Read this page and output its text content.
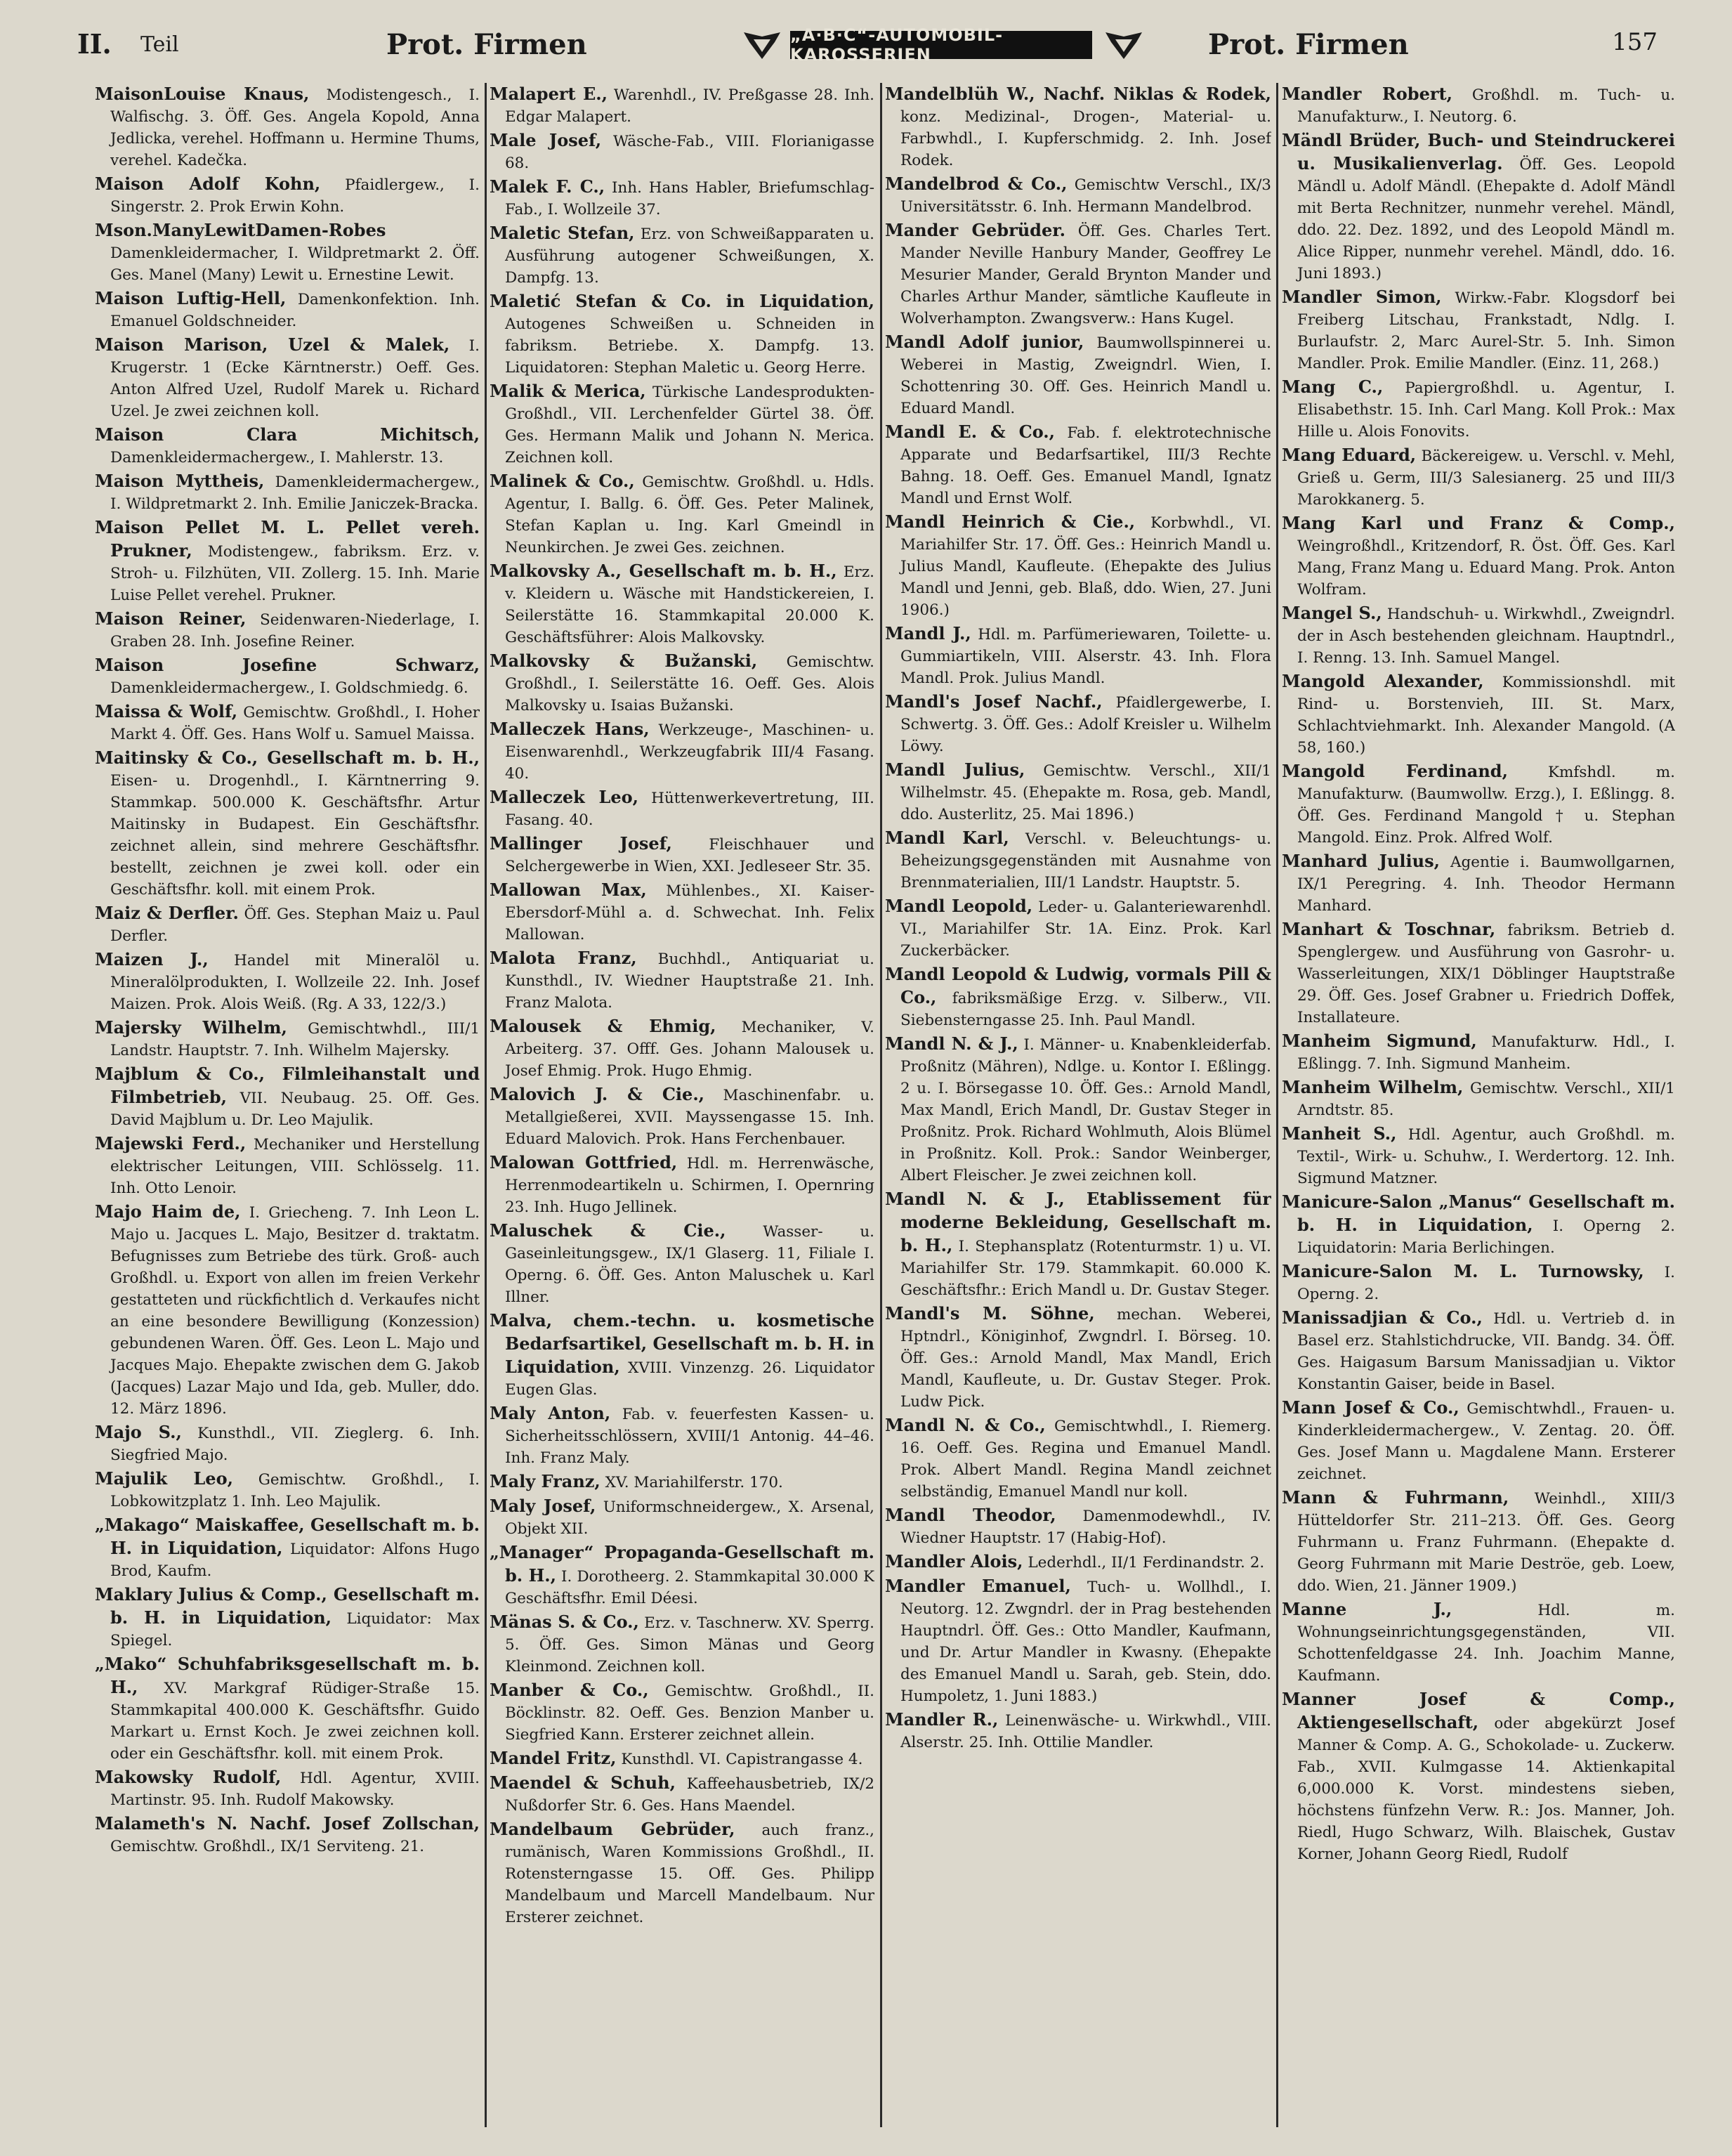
II. Teil	Prot. Firmen	„A·B·C“-AUTOMOBIL-KAROSSERIEN	Prot. Firmen	157

MaisonLouise Knaus, Modistengesch., I. Walfischg. 3. Öff. Ges. Angela Kopold, Anna Jedlicka, verehel. Hoffmann u. Hermine Thums, verehel. Kadečka.

Maison Adolf Kohn, Pfaidlergew., I. Singerstr. 2. Prok Erwin Kohn.

Mson.ManyLewitDamen-Robes Damenkleidermacher, I. Wildpretmarkt 2. Öff. Ges. Manel (Many) Lewit u. Ernestine Lewit.

Maison Luftig-Hell, Damenkonfektion. Inh. Emanuel Goldschneider.

Maison Marison, Uzel & Malek, I. Krugerstr. 1 (Ecke Kärntnerstr.) Oeff. Ges. Anton Alfred Uzel, Rudolf Marek u. Richard Uzel. Je zwei zeichnen koll.

Maison Clara Michitsch, Damenkleidermachergew., I. Mahlerstr. 13.

Maison Myttheis, Damenkleidermachergew., I. Wildpretmarkt 2. Inh. Emilie Janiczek-Bracka.

Maison Pellet M. L. Pellet vereh. Prukner, Modistengew., fabriksm. Erz. v. Stroh- u. Filzhüten, VII. Zollerg. 15. Inh. Marie Luise Pellet verehel. Prukner.

Maison Reiner, Seidenwaren-Niederlage, I. Graben 28. Inh. Josefine Reiner.

Maison Josefine Schwarz, Damenkleidermachergew., I. Goldschmiedg. 6.

Maissa & Wolf, Gemischtw. Großhdl., I. Hoher Markt 4. Öff. Ges. Hans Wolf u. Samuel Maissa.

Maitinsky & Co., Gesellschaft m. b. H., Eisen- u. Drogenhdl., I. Kärntnerring 9. Stammkap. 500.000 K. Geschäftsfhr. Artur Maitinsky in Budapest. Ein Geschäftsfhr. zeichnet allein, sind mehrere Geschäftsfhr. bestellt, zeichnen je zwei koll. oder ein Geschäftsfhr. koll. mit einem Prok.

Maiz & Derfler. Öff. Ges. Stephan Maiz u. Paul Derfler.

Maizen J., Handel mit Mineralöl u. Mineralölprodukten, I. Wollzeile 22. Inh. Josef Maizen. Prok. Alois Weiß. (Rg. A 33, 122/3.)

Majersky Wilhelm, Gemischtwhdl., III/1 Landstr. Hauptstr. 7. Inh. Wilhelm Majersky.

Majblum & Co., Filmleihanstalt und Filmbetrieb, VII. Neubaug. 25. Off. Ges. David Majblum u. Dr. Leo Majulik.

Majewski Ferd., Mechaniker und Herstellung elektrischer Leitungen, VIII. Schlösselg. 11. Inh. Otto Lenoir.

Majo Haim de, I. Griecheng. 7. Inh Leon L. Majo u. Jacques L. Majo, Besitzer d. traktatm. Befugnisses zum Betriebe des türk. Groß- auch Großhdl. u. Export von allen im freien Verkehr gestatteten und rückfichtlich d. Verkaufes nicht an eine besondere Bewilligung (Konzession) gebundenen Waren. Öff. Ges. Leon L. Majo und Jacques Majo. Ehepakte zwischen dem G. Jakob (Jacques) Lazar Majo und Ida, geb. Muller, ddo. 12. März 1896.

Majo S., Kunsthdl., VII. Zieglerg. 6. Inh. Siegfried Majo.

Majulik Leo, Gemischtw. Großhdl., I. Lobkowitzplatz 1. Inh. Leo Majulik.

„Makago“ Maiskaffee, Gesellschaft m. b. H. in Liquidation, Liquidator: Alfons Hugo Brod, Kaufm.

Maklary Julius & Comp., Gesellschaft m. b. H. in Liquidation, Liquidator: Max Spiegel.

„Mako“ Schuhfabriksgesellschaft m. b. H., XV. Markgraf Rüdiger-Straße 15. Stammkapital 400.000 K. Geschäftsfhr. Guido Markart u. Ernst Koch. Je zwei zeichnen koll. oder ein Geschäftsfhr. koll. mit einem Prok.

Makowsky Rudolf, Hdl. Agentur, XVIII. Martinstr. 95. Inh. Rudolf Makowsky.

Malameth's N. Nachf. Josef Zollschan, Gemischtw. Großhdl., IX/1 Serviteng. 21.

Malapert E., Warenhdl., IV. Preßgasse 28. Inh. Edgar Malapert.

Male Josef, Wäsche-Fab., VIII. Florianigasse 68.

Malek F. C., Inh. Hans Habler, Briefumschlag-Fab., I. Wollzeile 37.

Maletic Stefan, Erz. von Schweißapparaten u. Ausführung autogener Schweißungen, X. Dampfg. 13.

Maletić Stefan & Co. in Liquidation, Autogenes Schweißen u. Schneiden in fabriksm. Betriebe. X. Dampfg. 13. Liquidatoren: Stephan Maletic u. Georg Herre.

Malik & Merica, Türkische Landesprodukten-Großhdl., VII. Lerchenfelder Gürtel 38. Öff. Ges. Hermann Malik und Johann N. Merica. Zeichnen koll.

Malinek & Co., Gemischtw. Großhdl. u. Hdls. Agentur, I. Ballg. 6. Öff. Ges. Peter Malinek, Stefan Kaplan u. Ing. Karl Gmeindl in Neunkirchen. Je zwei Ges. zeichnen.

Malkovsky A., Gesellschaft m. b. H., Erz. v. Kleidern u. Wäsche mit Handstickereien, I. Seilerstätte 16. Stammkapital 20.000 K. Geschäftsführer: Alois Malkovsky.

Malkovsky & Bužanski, Gemischtw. Großhdl., I. Seilerstätte 16. Oeff. Ges. Alois Malkovsky u. Isaias Bužanski.

Malleczek Hans, Werkzeuge-, Maschinen- u. Eisenwarenhdl., Werkzeugfabrik III/4 Fasang. 40.

Malleczek Leo, Hüttenwerkevertretung, III. Fasang. 40.

Mallinger Josef, Fleischhauer und Selchergewerbe in Wien, XXI. Jedleseer Str. 35.

Mallowan Max, Mühlenbes., XI. Kaiser-Ebersdorf-Mühl a. d. Schwechat. Inh. Felix Mallowan.

Malota Franz, Buchhdl., Antiquariat u. Kunsthdl., IV. Wiedner Hauptstraße 21. Inh. Franz Malota.

Malousek & Ehmig, Mechaniker, V. Arbeiterg. 37. Offf. Ges. Johann Malousek u. Josef Ehmig. Prok. Hugo Ehmig.

Malovich J. & Cie., Maschinenfabr. u. Metallgießerei, XVII. Mayssengasse 15. Inh. Eduard Malovich. Prok. Hans Ferchenbauer.

Malowan Gottfried, Hdl. m. Herrenwäsche, Herrenmodeartikeln u. Schirmen, I. Opernring 23. Inh. Hugo Jellinek.

Maluschek & Cie., Wasser- u. Gaseinleitungsgew., IX/1 Glaserg. 11, Filiale I. Operng. 6. Öff. Ges. Anton Maluschek u. Karl Illner.

Malva, chem.-techn. u. kosmetische Bedarfsartikel, Gesellschaft m. b. H. in Liquidation, XVIII. Vinzenzg. 26. Liquidator Eugen Glas.

Maly Anton, Fab. v. feuerfesten Kassen- u. Sicherheitsschlössern, XVIII/1 Antonig. 44–46. Inh. Franz Maly.

Maly Franz, XV. Mariahilferstr. 170.

Maly Josef, Uniformschneidergew., X. Arsenal, Objekt XII.

„Manager“ Propaganda-Gesellschaft m. b. H., I. Dorotheerg. 2. Stammkapital 30.000 K Geschäftsfhr. Emil Déesi.

Mänas S. & Co., Erz. v. Taschnerw. XV. Sperrg. 5. Öff. Ges. Simon Mänas und Georg Kleinmond. Zeichnen koll.

Manber & Co., Gemischtw. Großhdl., II. Böcklinstr. 82. Oeff. Ges. Benzion Manber u. Siegfried Kann. Ersterer zeichnet allein.

Mandel Fritz, Kunsthdl. VI. Capistrangasse 4.

Maendel & Schuh, Kaffeehausbetrieb, IX/2 Nußdorfer Str. 6. Ges. Hans Maendel.

Mandelbaum Gebrüder, auch franz., rumänisch, Waren Kommissions Großhdl., II. Rotensterngasse 15. Off. Ges. Philipp Mandelbaum und Marcell Mandelbaum. Nur Ersterer zeichnet.

Mandelblüh W., Nachf. Niklas & Rodek, konz. Medizinal-, Drogen-, Material- u. Farbwhdl., I. Kupferschmidg. 2. Inh. Josef Rodek.

Mandelbrod & Co., Gemischtw Verschl., IX/3 Universitätsstr. 6. Inh. Hermann Mandelbrod.

Mander Gebrüder. Öff. Ges. Charles Tert. Mander Neville Hanbury Mander, Geoffrey Le Mesurier Mander, Gerald Brynton Mander und Charles Arthur Mander, sämtliche Kaufleute in Wolverhampton. Zwangsverw.: Hans Kugel.

Mandl Adolf junior, Baumwollspinnerei u. Weberei in Mastig, Zweigndrl. Wien, I. Schottenring 30. Off. Ges. Heinrich Mandl u. Eduard Mandl.

Mandl E. & Co., Fab. f. elektrotechnische Apparate und Bedarfsartikel, III/3 Rechte Bahng. 18. Oeff. Ges. Emanuel Mandl, Ignatz Mandl und Ernst Wolf.

Mandl Heinrich & Cie., Korbwhdl., VI. Mariahilfer Str. 17. Öff. Ges.: Heinrich Mandl u. Julius Mandl, Kaufleute. (Ehepakte des Julius Mandl und Jenni, geb. Blaß, ddo. Wien, 27. Juni 1906.)

Mandl J., Hdl. m. Parfümeriewaren, Toilette- u. Gummiartikeln, VIII. Alserstr. 43. Inh. Flora Mandl. Prok. Julius Mandl.

Mandl's Josef Nachf., Pfaidlergewerbe, I. Schwertg. 3. Öff. Ges.: Adolf Kreisler u. Wilhelm Löwy.

Mandl Julius, Gemischtw. Verschl., XII/1 Wilhelmstr. 45. (Ehepakte m. Rosa, geb. Mandl, ddo. Austerlitz, 25. Mai 1896.)

Mandl Karl, Verschl. v. Beleuchtungs- u. Beheizungsgegenständen mit Ausnahme von Brennmaterialien, III/1 Landstr. Hauptstr. 5.

Mandl Leopold, Leder- u. Galanteriewarenhdl. VI., Mariahilfer Str. 1A. Einz. Prok. Karl Zuckerbäcker.

Mandl Leopold & Ludwig, vormals Pill & Co., fabriksmäßige Erzg. v. Silberw., VII. Siebensterngasse 25. Inh. Paul Mandl.

Mandl N. & J., I. Männer- u. Knabenkleiderfab. Proßnitz (Mähren), Ndlge. u. Kontor I. Eßlingg. 2 u. I. Börsegasse 10. Öff. Ges.: Arnold Mandl, Max Mandl, Erich Mandl, Dr. Gustav Steger in Proßnitz. Prok. Richard Wohlmuth, Alois Blümel in Proßnitz. Koll. Prok.: Sandor Weinberger, Albert Fleischer. Je zwei zeichnen koll.

Mandl N. & J., Etablissement für moderne Bekleidung, Gesellschaft m. b. H., I. Stephansplatz (Rotenturmstr. 1) u. VI. Mariahilfer Str. 179. Stammkapit. 60.000 K. Geschäftsfhr.: Erich Mandl u. Dr. Gustav Steger.

Mandl's M. Söhne, mechan. Weberei, Hptndrl., Königinhof, Zwgndrl. I. Börseg. 10. Öff. Ges.: Arnold Mandl, Max Mandl, Erich Mandl, Kaufleute, u. Dr. Gustav Steger. Prok. Ludw Pick.

Mandl N. & Co., Gemischtwhdl., I. Riemerg. 16. Oeff. Ges. Regina und Emanuel Mandl. Prok. Albert Mandl. Regina Mandl zeichnet selbständig, Emanuel Mandl nur koll.

Mandl Theodor, Damenmodewhdl., IV. Wiedner Hauptstr. 17 (Habig-Hof).

Mandler Alois, Lederhdl., II/1 Ferdinandstr. 2.

Mandler Emanuel, Tuch- u. Wollhdl., I. Neutorg. 12. Zwgndrl. der in Prag bestehenden Hauptndrl. Öff. Ges.: Otto Mandler, Kaufmann, und Dr. Artur Mandler in Kwasny. (Ehepakte des Emanuel Mandl u. Sarah, geb. Stein, ddo. Humpoletz, 1. Juni 1883.)

Mandler R., Leinenwäsche- u. Wirkwhdl., VIII. Alserstr. 25. Inh. Ottilie Mandler.

Mandler Robert, Großhdl. m. Tuch- u. Manufakturw., I. Neutorg. 6.

Mändl Brüder, Buch- und Steindruckerei u. Musikalienverlag. Öff. Ges. Leopold Mändl u. Adolf Mändl. (Ehepakte d. Adolf Mändl mit Berta Rechnitzer, nunmehr verehel. Mändl, ddo. 22. Dez. 1892, und des Leopold Mändl m. Alice Ripper, nunmehr verehel. Mändl, ddo. 16. Juni 1893.)

Mandler Simon, Wirkw.-Fabr. Klogsdorf bei Freiberg Litschau, Frankstadt, Ndlg. I. Burlaufstr. 2, Marc Aurel-Str. 5. Inh. Simon Mandler. Prok. Emilie Mandler. (Einz. 11, 268.)

Mang C., Papiergroßhdl. u. Agentur, I. Elisabethstr. 15. Inh. Carl Mang. Koll Prok.: Max Hille u. Alois Fonovits.

Mang Eduard, Bäckereigew. u. Verschl. v. Mehl, Grieß u. Germ, III/3 Salesianerg. 25 und III/3 Marokkanerg. 5.

Mang Karl und Franz & Comp., Weingroßhdl., Kritzendorf, R. Öst. Öff. Ges. Karl Mang, Franz Mang u. Eduard Mang. Prok. Anton Wolfram.

Mangel S., Handschuh- u. Wirkwhdl., Zweigndrl. der in Asch bestehenden gleichnam. Hauptndrl., I. Renng. 13. Inh. Samuel Mangel.

Mangold Alexander, Kommissionshdl. mit Rind- u. Borstenvieh, III. St. Marx, Schlachtviehmarkt. Inh. Alexander Mangold. (A 58, 160.)

Mangold Ferdinand,	Kmfshdl. m. Manufakturw. (Baumwollw. Erzg.), I. Eßlingg. 8. Öff. Ges. Ferdinand Mangold † u. Stephan Mangold. Einz. Prok. Alfred Wolf.

Manhard Julius, Agentie i. Baumwollgarnen, IX/1 Peregring. 4. Inh. Theodor Hermann Manhard.

Manhart & Toschnar, fabriksm. Betrieb d. Spenglergew. und Ausführung von Gasrohr- u. Wasserleitungen, XIX/1 Döblinger Hauptstraße 29. Öff. Ges. Josef Grabner u. Friedrich Doffek, Installateure.

Manheim Sigmund, Manufakturw. Hdl., I. Eßlingg. 7. Inh. Sigmund Manheim.

Manheim Wilhelm, Gemischtw. Verschl., XII/1 Arndtstr. 85.

Manheit S., Hdl. Agentur, auch Großhdl. m. Textil-, Wirk- u. Schuhw., I. Werdertorg. 12. Inh. Sigmund Matzner.

Manicure-Salon „Manus“ Gesellschaft m. b. H. in Liquidation, I. Operng 2. Liquidatorin: Maria Berlichingen.

Manicure-Salon M. L. Turnowsky, I. Operng. 2.

Manissadjian & Co., Hdl. u. Vertrieb d. in Basel erz. Stahlstichdrucke, VII. Bandg. 34. Öff. Ges. Haigasum Barsum Manissadjian u. Viktor Konstantin Gaiser, beide in Basel.

Mann Josef & Co., Gemischtwhdl., Frauen- u. Kinderkleidermachergew., V. Zentag. 20. Öff. Ges. Josef Mann u. Magdalene Mann. Ersterer zeichnet.

Mann & Fuhrmann, Weinhdl., XIII/3 Hütteldorfer Str. 211–213. Öff. Ges. Georg Fuhrmann u. Franz Fuhrmann. (Ehepakte d. Georg Fuhrmann mit Marie Deströe, geb. Loew, ddo. Wien, 21. Jänner 1909.)

Manne J.,	Hdl. m. Wohnungseinrichtungsgegenständen, VII. Schottenfeldgasse 24. Inh. Joachim Manne, Kaufmann.

Manner Josef & Comp., Aktiengesellschaft, oder abgekürzt Josef Manner & Comp. A. G., Schokolade- u. Zuckerw. Fab., XVII. Kulmgasse 14. Aktienkapital 6,000.000 K. Vorst. mindestens sieben, höchstens fünfzehn Verw. R.: Jos. Manner, Joh. Riedl, Hugo Schwarz, Wilh. Blaischek, Gustav Korner, Johann Georg Riedl, Rudolf
